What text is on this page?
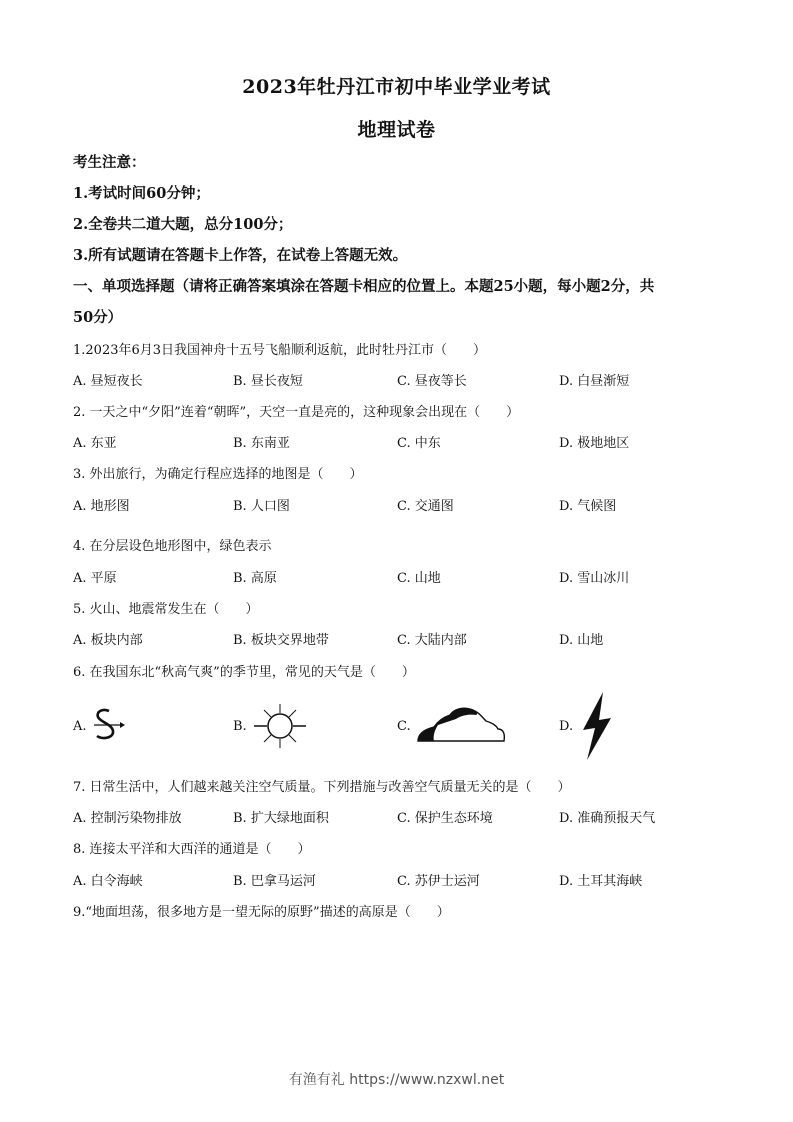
2023年牡丹江市初中毕业学业考试
地理试卷
考生注意：
1.考试时间60分钟；
2.全卷共二道大题，总分100分；
3.所有试题请在答题卡上作答，在试卷上答题无效。
一、单项选择题（请将正确答案填涂在答题卡相应的位置上。本题25小题，每小题2分，共
50分）
1.2023年6月3日我国神舟十五号飞船顺利返航，此时牡丹江市（　　）
A. 昼短夜长	B. 昼长夜短	C. 昼夜等长	D. 白昼渐短
2. 一天之中“夕阳”连着“朝晖”，天空一直是亮的，这种现象会出现在（　　）
A. 东亚	B. 东南亚	C. 中东	D. 极地地区
3. 外出旅行，为确定行程应选择的地图是（　　）
A. 地形图	B. 人口图	C. 交通图	D. 气候图
4. 在分层设色地形图中，绿色表示
A. 平原	B. 高原	C. 山地	D. 雪山冰川
5. 火山、地震常发生在（　　）
A. 板块内部	B. 板块交界地带	C. 大陆内部	D. 山地
6. 在我国东北“秋高气爽”的季节里，常见的天气是（　　）
A.	B.	C.	D.
7. 日常生活中，人们越来越关注空气质量。下列措施与改善空气质量无关的是（　　）
A. 控制污染物排放	B. 扩大绿地面积	C. 保护生态环境	D. 准确预报天气
8. 连接太平洋和大西洋的通道是（　　）
A. 白令海峡	B. 巴拿马运河	C. 苏伊士运河	D. 土耳其海峡
9.“地面坦荡，很多地方是一望无际的原野”描述的高原是（　　）
有渔有礼 https://www.nzxwl.net
